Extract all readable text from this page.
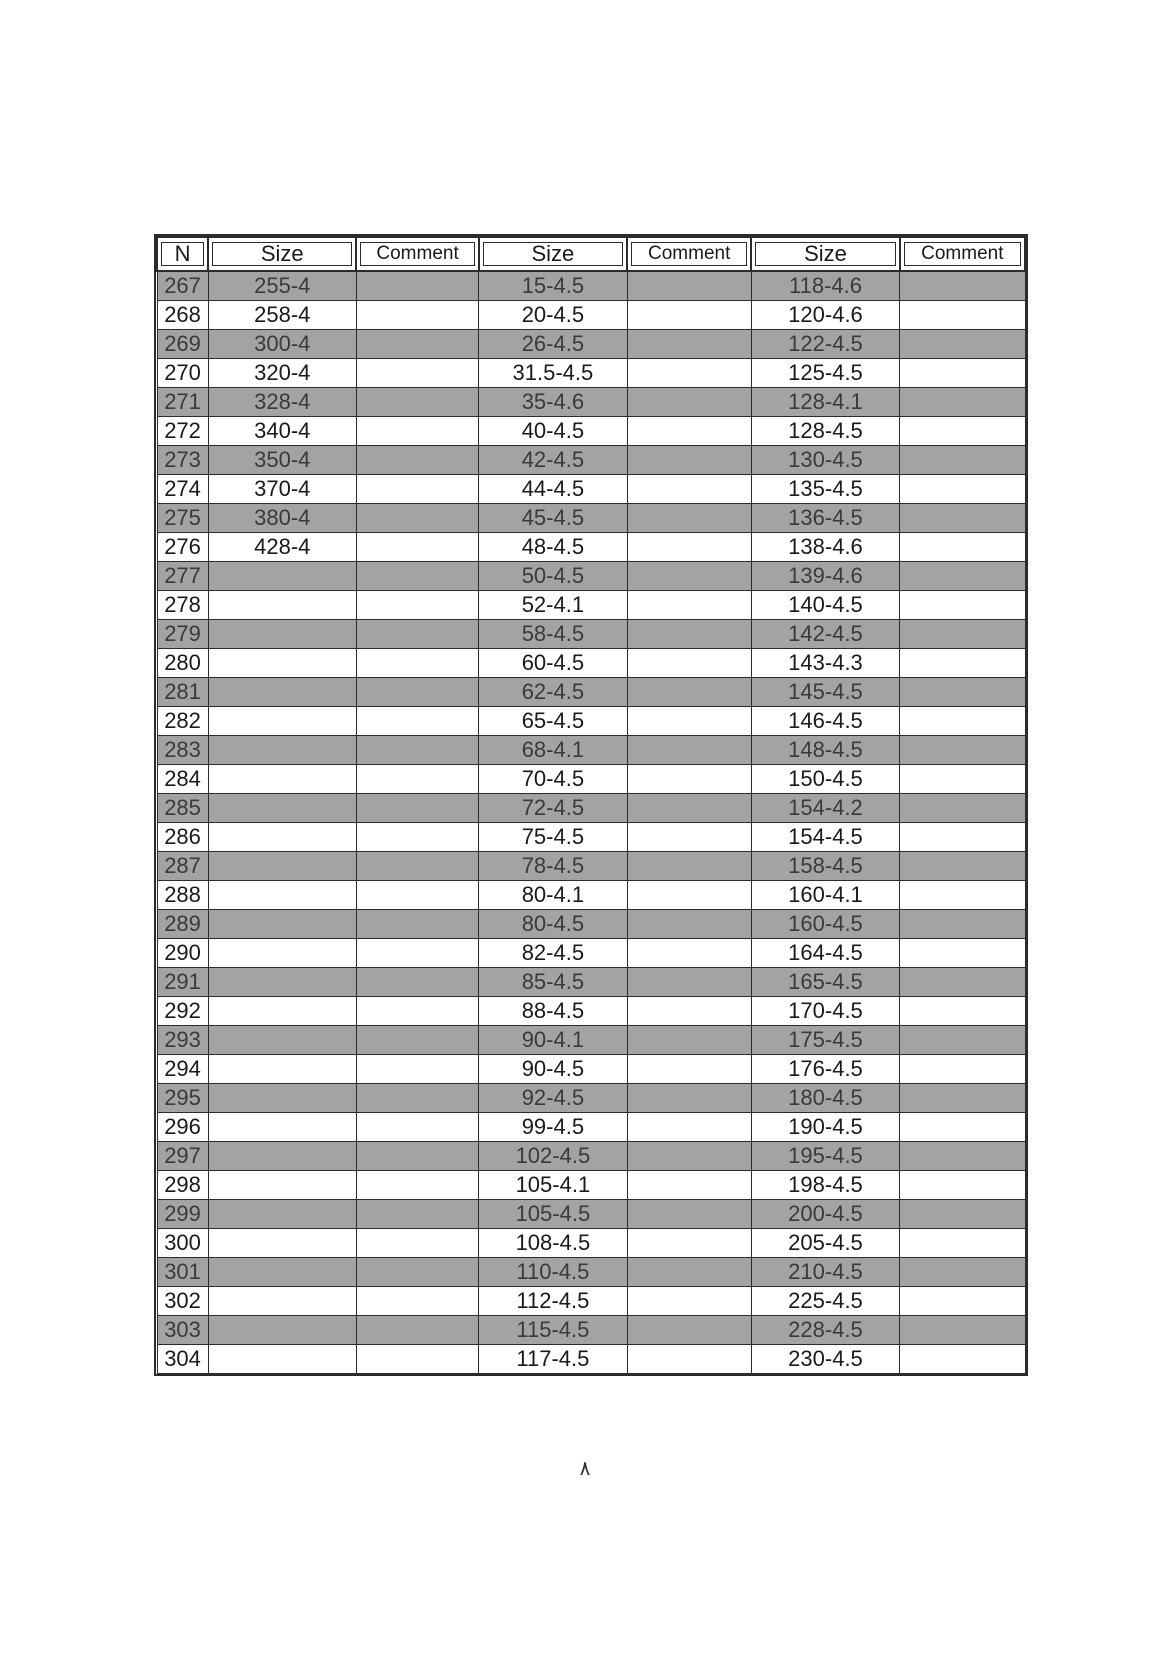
N	Size	Comment	Size	Comment	Size	Comment

267	255-4		15-4.5		118-4.6	
268	258-4		20-4.5		120-4.6	
269	300-4		26-4.5		122-4.5	
270	320-4		31.5-4.5		125-4.5	
271	328-4		35-4.6		128-4.1	
272	340-4		40-4.5		128-4.5	
273	350-4		42-4.5		130-4.5	
274	370-4		44-4.5		135-4.5	
275	380-4		45-4.5		136-4.5	
276	428-4		48-4.5		138-4.6	
277			50-4.5		139-4.6	
278			52-4.1		140-4.5	
279			58-4.5		142-4.5	
280			60-4.5		143-4.3	
281			62-4.5		145-4.5	
282			65-4.5		146-4.5	
283			68-4.1		148-4.5	
284			70-4.5		150-4.5	
285			72-4.5		154-4.2	
286			75-4.5		154-4.5	
287			78-4.5		158-4.5	
288			80-4.1		160-4.1	
289			80-4.5		160-4.5	
290			82-4.5		164-4.5	
291			85-4.5		165-4.5	
292			88-4.5		170-4.5	
293			90-4.1		175-4.5	
294			90-4.5		176-4.5	
295			92-4.5		180-4.5	
296			99-4.5		190-4.5	
297			102-4.5		195-4.5	
298			105-4.1		198-4.5	
299			105-4.5		200-4.5	
300			108-4.5		205-4.5	
301			110-4.5		210-4.5	
302			112-4.5		225-4.5	
303			115-4.5		228-4.5	
304			117-4.5		230-4.5	
٨
